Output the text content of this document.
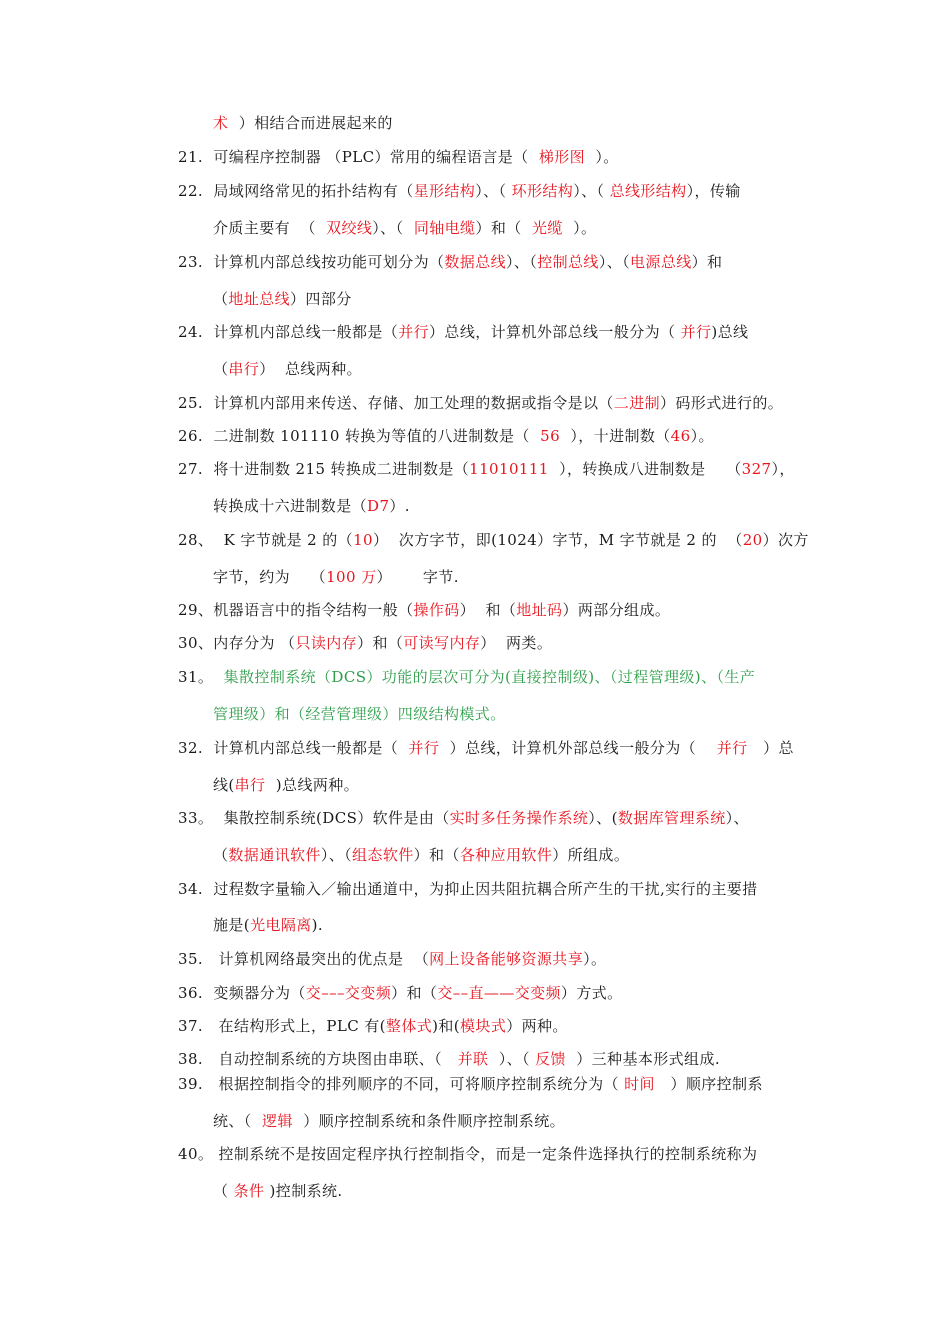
术  ）相结合而进展起来的
21.  可编程序控制器 （PLC）常用的编程语言是（  梯形图  ）。
22.  局域网络常见的拓扑结构有（星形结构）、（ 环形结构）、（ 总线形结构），传输
介质主要有  （  双绞线）、（  同轴电缆）和（  光缆  ）。
23.  计算机内部总线按功能可划分为（数据总线）、（控制总线）、（电源总线）和
（地址总线）四部分
24.  计算机内部总线一般都是（并行）总线，计算机外部总线一般分为（ 并行)总线
（串行）  总线两种。
25.  计算机内部用来传送、存储、加工处理的数据或指令是以（二进制）码形式进行的。
26.  二进制数 101110 转换为等值的八进制数是（  56  ），十进制数（46）。
27.  将十进制数 215 转换成二进制数是（11010111  ），转换成八进制数是    （327），
转换成十六进制数是（D7）.
28、  K 字节就是 2 的（10）  次方字节，即(1024）字节，M 字节就是 2 的  （20）次方
字节，约为    （100 万）      字节.
29、机器语言中的指令结构一般（操作码）  和（地址码）两部分组成。
30、内存分为 （只读内存）和（可读写内存）  两类。
31。  集散控制系统（DCS）功能的层次可分为(直接控制级)、（过程管理级)、（生产
管理级）和（经营管理级）四级结构模式。
32.  计算机内部总线一般都是（  并行  ）总线，计算机外部总线一般分为（    并行   ）总
线(串行  )总线两种。
33。  集散控制系统(DCS）软件是由（实时多任务操作系统）、(数据库管理系统）、
（数据通讯软件）、（组态软件）和（各种应用软件）所组成。
34.  过程数字量输入／输出通道中，为抑止因共阻抗耦合所产生的干扰,实行的主要措
施是(光电隔离).
35.   计算机网络最突出的优点是  （网上设备能够资源共享）。
36.  变频器分为（交–––交变频）和（交––直——交变频）方式。
37.   在结构形式上，PLC 有(整体式)和(模块式）两种。
38.   自动控制系统的方块图由串联、（   并联  ）、（ 反馈  ）三种基本形式组成.
39.   根据控制指令的排列顺序的不同，可将顺序控制系统分为（ 时间   ）顺序控制系
统、（  逻辑  ）顺序控制系统和条件顺序控制系统。
40。 控制系统不是按固定程序执行控制指令，而是一定条件选择执行的控制系统称为
（ 条件 )控制系统.
